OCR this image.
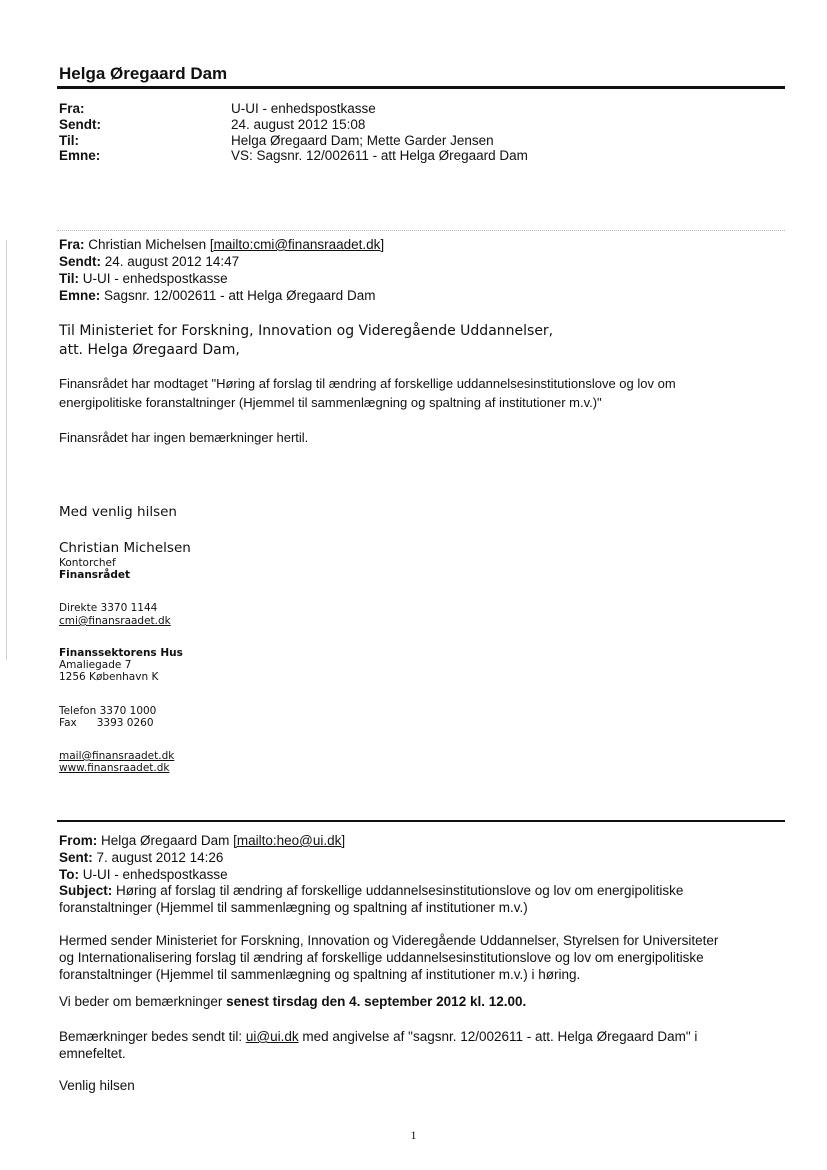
Helga Øregaard Dam
Fra:	U-UI - enhedspostkasse
Sendt:	24. august 2012 15:08
Til:	Helga Øregaard Dam; Mette Garder Jensen
Emne:	VS: Sagsnr. 12/002611 - att Helga Øregaard Dam
Fra: Christian Michelsen [mailto:cmi@finansraadet.dk]
Sendt: 24. august 2012 14:47
Til: U-UI - enhedspostkasse
Emne: Sagsnr. 12/002611 - att Helga Øregaard Dam
Til Ministeriet for Forskning, Innovation og Videregående Uddannelser,
att. Helga Øregaard Dam,
Finansrådet har modtaget "Høring af forslag til ændring af forskellige uddannelsesinstitutionslove og lov om
energipolitiske foranstaltninger (Hjemmel til sammenlægning og spaltning af institutioner m.v.)"
Finansrådet har ingen bemærkninger hertil.
Med venlig hilsen
Christian Michelsen
Kontorchef
Finansrådet
Direkte 3370 1144
cmi@finansraadet.dk
Finanssektorens Hus
Amaliegade 7
1256 København K
Telefon 3370 1000
Fax      3393 0260
mail@finansraadet.dk
www.finansraadet.dk
From: Helga Øregaard Dam [mailto:heo@ui.dk]
Sent: 7. august 2012 14:26
To: U-UI - enhedspostkasse
Subject: Høring af forslag til ændring af forskellige uddannelsesinstitutionslove og lov om energipolitiske
foranstaltninger (Hjemmel til sammenlægning og spaltning af institutioner m.v.)
Hermed sender Ministeriet for Forskning, Innovation og Videregående Uddannelser, Styrelsen for Universiteter
og Internationalisering forslag til ændring af forskellige uddannelsesinstitutionslove og lov om energipolitiske
foranstaltninger (Hjemmel til sammenlægning og spaltning af institutioner m.v.) i høring.
Vi beder om bemærkninger senest tirsdag den 4. september 2012 kl. 12.00.
Bemærkninger bedes sendt til: ui@ui.dk med angivelse af "sagsnr. 12/002611 - att. Helga Øregaard Dam" i
emnefeltet.
Venlig hilsen
1
